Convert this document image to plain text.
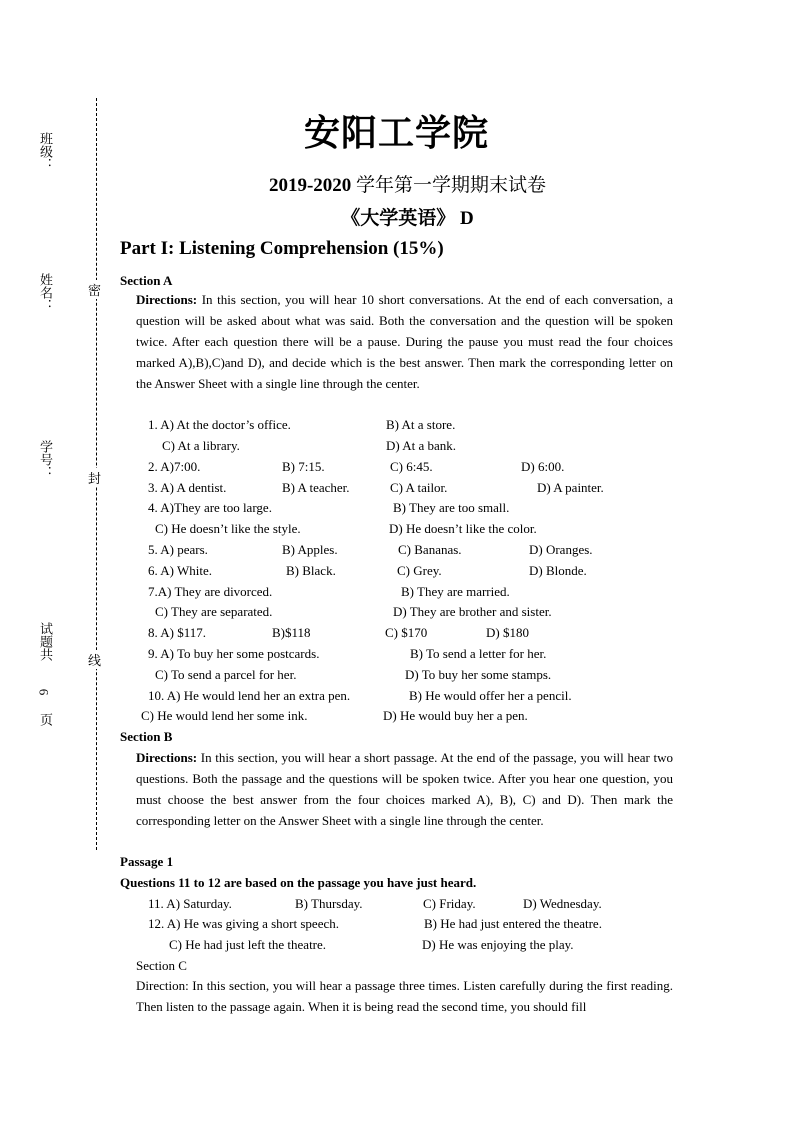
班级：
姓名：
学号：
试题共
6
页
密
封
线
安阳工学院
2019-2020 学年第一学期期末试卷
《大学英语》 D
Part I: Listening Comprehension (15%)
Section A
Directions: In this section, you will hear 10 short conversations. At the end of each conversation, a question will be asked about what was said. Both the conversation and the question will be spoken twice. After each question there will be a pause. During the pause you must read the four choices marked A),B),C)and D), and decide which is the best answer. Then mark the corresponding letter on the Answer Sheet with a single line through the center.
1. A) At the doctor’s office.	B) At a store.
C) At a library.	D) At a bank.
2. A)7:00.	B) 7:15.	C) 6:45.	D) 6:00.
3. A) A dentist.	B) A teacher.	C) A tailor.	D) A painter.
4. A)They are too large.	B) They are too small.
C) He doesn’t like the style.	D) He doesn’t like the color.
5. A) pears.	B) Apples.	C) Bananas.	D) Oranges.
6. A) White.	B) Black.	C) Grey.	D) Blonde.
7.A) They are divorced.	B) They are married.
C) They are separated.	D) They are brother and sister.
8. A) $117.	B)$118	C) $170	D) $180
9. A) To buy her some postcards.	B) To send a letter for her.
C) To send a parcel for her.	D) To buy her some stamps.
10. A) He would lend her an extra pen.	B) He would offer her a pencil.
C) He would lend her some ink.	D) He would buy her a pen.
Section B
Directions: In this section, you will hear a short passage. At the end of the passage, you will hear two questions. Both the passage and the questions will be spoken twice. After you hear one question, you must choose the best answer from the four choices marked A), B), C) and D). Then mark the corresponding letter on the Answer Sheet with a single line through the center.
Passage 1
Questions 11 to 12 are based on the passage you have just heard.
11. A) Saturday.	B) Thursday.	C) Friday.	D) Wednesday.
12. A) He was giving a short speech.	B) He had just entered the theatre.
C) He had just left the theatre.	D) He was enjoying the play.
Section C
Direction: In this section, you will hear a passage three times. Listen carefully during the first reading. Then listen to the passage again. When it is being read the second time, you should fill
